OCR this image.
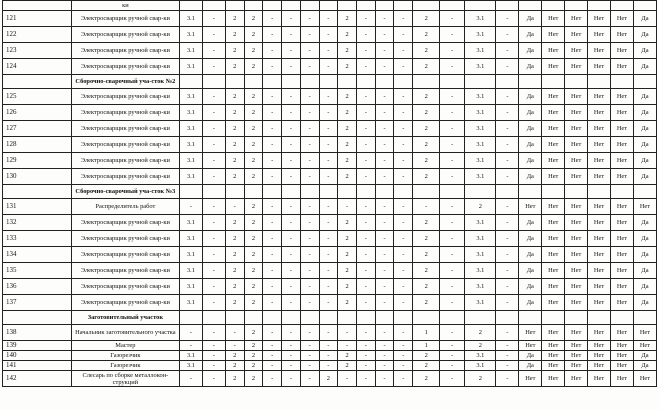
	ки																						
121	Электросварщик ручной свар-ки	3.1	-	2	2	-	-	-	-	2	-	-	-	2	-	3.1	-	Да	Нет	Нет	Нет	Нет	Да
122	Электросварщик ручной свар-ки	3.1	-	2	2	-	-	-	-	2	-	-	-	2	-	3.1	-	Да	Нет	Нет	Нет	Нет	Да
123	Электросварщик ручной свар-ки	3.1	-	2	2	-	-	-	-	2	-	-	-	2	-	3.1	-	Да	Нет	Нет	Нет	Нет	Да
124	Электросварщик ручной свар-ки	3.1	-	2	2	-	-	-	-	2	-	-	-	2	-	3.1	-	Да	Нет	Нет	Нет	Нет	Да
	Сборочно-сварочный уча-сток №2																						
125	Электросварщик ручной свар-ки	3.1	-	2	2	-	-	-	-	2	-	-	-	2	-	3.1	-	Да	Нет	Нет	Нет	Нет	Да
126	Электросварщик ручной свар-ки	3.1	-	2	2	-	-	-	-	2	-	-	-	2	-	3.1	-	Да	Нет	Нет	Нет	Нет	Да
127	Электросварщик ручной свар-ки	3.1	-	2	2	-	-	-	-	2	-	-	-	2	-	3.1	-	Да	Нет	Нет	Нет	Нет	Да
128	Электросварщик ручной свар-ки	3.1	-	2	2	-	-	-	-	2	-	-	-	2	-	3.1	-	Да	Нет	Нет	Нет	Нет	Да
129	Электросварщик ручной свар-ки	3.1	-	2	2	-	-	-	-	2	-	-	-	2	-	3.1	-	Да	Нет	Нет	Нет	Нет	Да
130	Электросварщик ручной свар-ки	3.1	-	2	2	-	-	-	-	2	-	-	-	2	-	3.1	-	Да	Нет	Нет	Нет	Нет	Да
	Сборочно-сварочный уча-сток №3																						
131	Распределитель работ	-	-	-	2	-	-	-	-	-	-	-	-	-	-	2	-	Нет	Нет	Нет	Нет	Нет	Нет
132	Электросварщик ручной свар-ки	3.1	-	2	2	-	-	-	-	2	-	-	-	2	-	3.1	-	Да	Нет	Нет	Нет	Нет	Да
133	Электросварщик ручной свар-ки	3.1	-	2	2	-	-	-	-	2	-	-	-	2	-	3.1	-	Да	Нет	Нет	Нет	Нет	Да
134	Электросварщик ручной свар-ки	3.1	-	2	2	-	-	-	-	2	-	-	-	2	-	3.1	-	Да	Нет	Нет	Нет	Нет	Да
135	Электросварщик ручной свар-ки	3.1	-	2	2	-	-	-	-	2	-	-	-	2	-	3.1	-	Да	Нет	Нет	Нет	Нет	Да
136	Электросварщик ручной свар-ки	3.1	-	2	2	-	-	-	-	2	-	-	-	2	-	3.1	-	Да	Нет	Нет	Нет	Нет	Да
137	Электросварщик ручной свар-ки	3.1	-	2	2	-	-	-	-	2	-	-	-	2	-	3.1	-	Да	Нет	Нет	Нет	Нет	Да
	Заготовительный участок																						
138	Начальник заготовительного участка	-	-	-	2	-	-	-	-	-	-	-	-	1	-	2	-	Нет	Нет	Нет	Нет	Нет	Нет
139	Мастер	-	-	-	2	-	-	-	-	-	-	-	-	1	-	2	-	Нет	Нет	Нет	Нет	Нет	Нет
140	Газорезчик	3.1	-	2	2	-	-	-	-	2	-	-	-	2	-	3.1	-	Да	Нет	Нет	Нет	Нет	Да
141	Газорезчик	3.1	-	2	2	-	-	-	-	2	-	-	-	2	-	3.1	-	Да	Нет	Нет	Нет	Нет	Да
142	Слесарь по сборке металлокон-струкций	-	-	2	2	-	-	-	2	-	-	-	-	2	-	2	-	Нет	Нет	Нет	Нет	Нет	Нет
